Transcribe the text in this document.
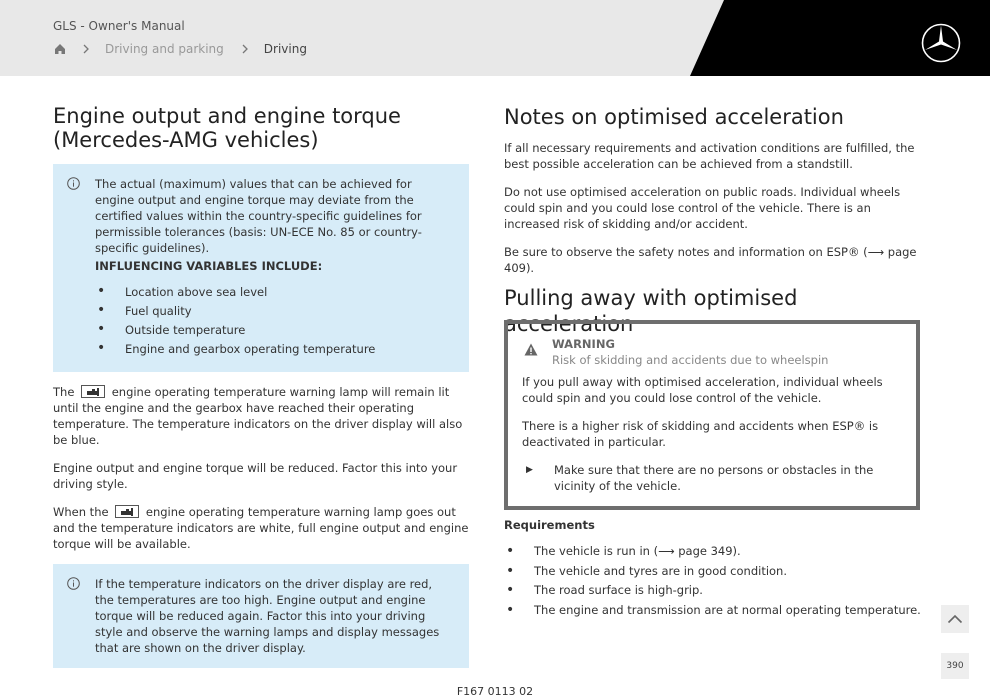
GLS - Owner's Manual
Driving and parking	Driving
Engine output and engine torque (Mercedes-AMG vehicles)
The actual (maximum) values that can be achieved for engine output and engine torque may deviate from the certified values within the country-specific guidelines for permissible tolerances (basis: UN-ECE No. 85 or country-specific guidelines).
INFLUENCING VARIABLES INCLUDE:
• Location above sea level
• Fuel quality
• Outside temperature
• Engine and gearbox operating temperature

The	engine operating temperature warning lamp will remain lit until the engine and the gearbox have reached their operating temperature. The temperature indicators on the driver display will also be blue.

Engine output and engine torque will be reduced. Factor this into your driving style.

When the	engine operating temperature warning lamp goes out and the temperature indicators are white, full engine output and engine torque will be available.

If the temperature indicators on the driver display are red, the temperatures are too high. Engine output and engine torque will be reduced again. Factor this into your driving style and observe the warning lamps and display messages that are shown on the driver display.
Notes on optimised acceleration

If all necessary requirements and activation conditions are fulfilled, the best possible acceleration can be achieved from a standstill.

Do not use optimised acceleration on public roads. Individual wheels could spin and you could lose control of the vehicle. There is an increased risk of skidding and/or accident.

Be sure to observe the safety notes and information on ESP® (⟶ page 409).

Pulling away with optimised acceleration
WARNING
Risk of skidding and accidents due to wheelspin

If you pull away with optimised acceleration, individual wheels could spin and you could lose control of the vehicle.

There is a higher risk of skidding and accidents when ESP® is deactivated in particular.

▶ Make sure that there are no persons or obstacles in the vicinity of the vehicle.
Requirements
• The vehicle is run in (⟶ page 349).
• The vehicle and tyres are in good condition.
• The road surface is high-grip.
• The engine and transmission are at normal operating temperature.
390
F167 0113 02
